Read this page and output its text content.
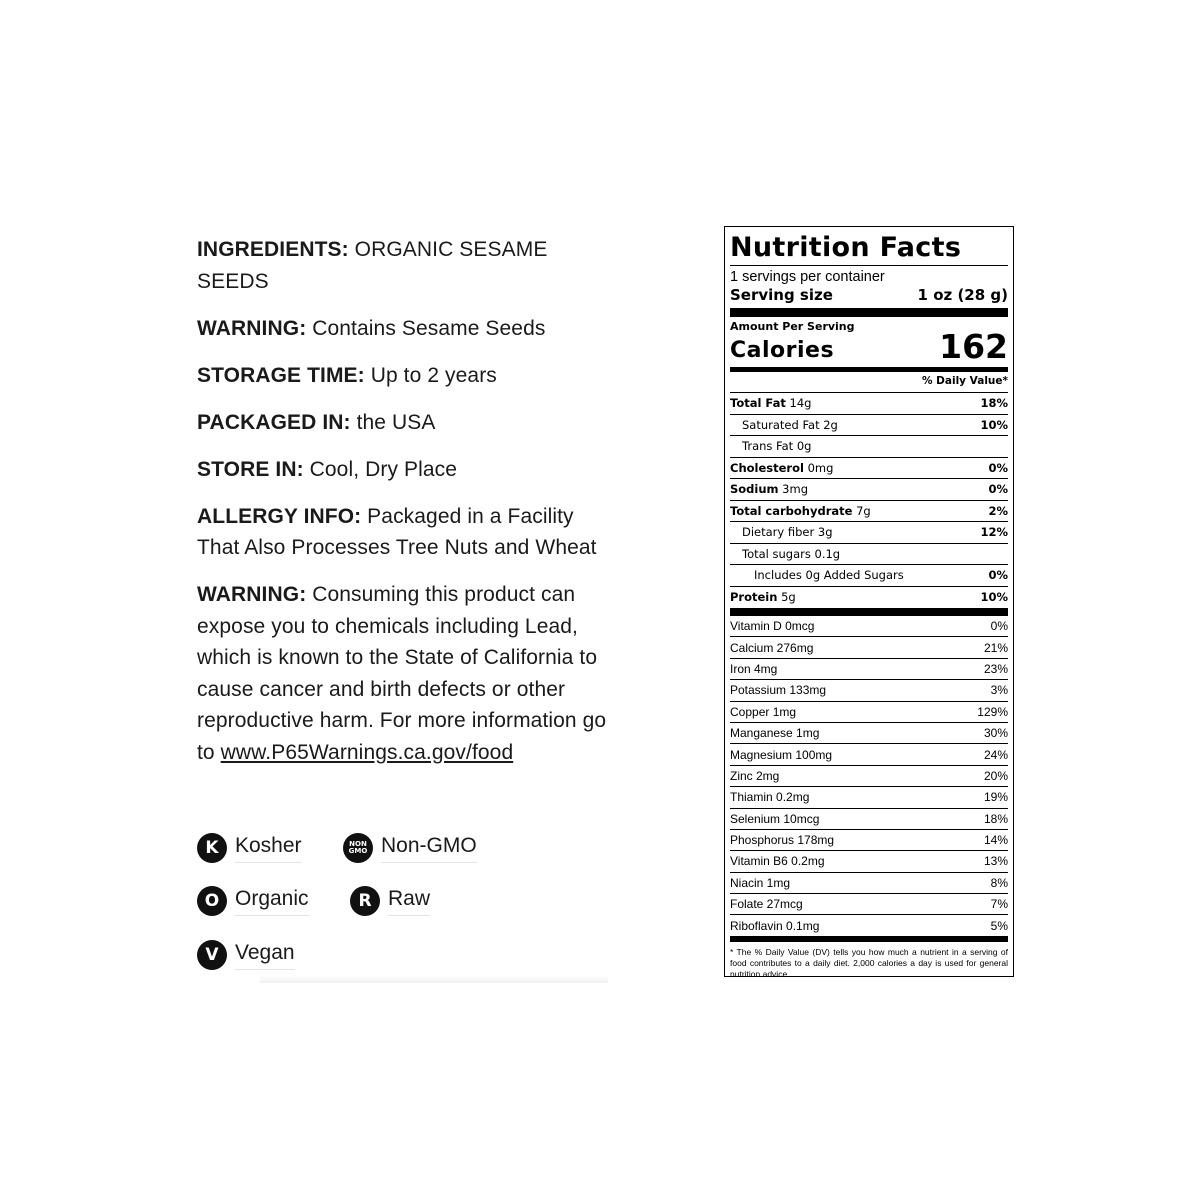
INGREDIENTS: ORGANIC SESAME SEEDS
WARNING: Contains Sesame Seeds
STORAGE TIME: Up to 2 years
PACKAGED IN: the USA
STORE IN: Cool, Dry Place
ALLERGY INFO: Packaged in a Facility That Also Processes Tree Nuts and Wheat
WARNING: Consuming this product can expose you to chemicals including Lead, which is known to the State of California to cause cancer and birth defects or other reproductive harm. For more information go to www.P65Warnings.ca.gov/food
K Kosher	NON
GMO Non-GMO
O Organic	R Raw
V Vegan
Nutrition Facts
1 servings per container
Serving size	1 oz (28 g)
Amount Per Serving
Calories	162
% Daily Value*
Total Fat 14g	18%
Saturated Fat 2g	10%
Trans Fat 0g
Cholesterol 0mg	0%
Sodium 3mg	0%
Total carbohydrate 7g	2%
Dietary fiber 3g	12%
Total sugars 0.1g
Includes 0g Added Sugars	0%
Protein 5g	10%
Vitamin D 0mcg	0%
Calcium 276mg	21%
Iron 4mg	23%
Potassium 133mg	3%
Copper 1mg	129%
Manganese 1mg	30%
Magnesium 100mg	24%
Zinc 2mg	20%
Thiamin 0.2mg	19%
Selenium 10mcg	18%
Phosphorus 178mg	14%
Vitamin B6 0.2mg	13%
Niacin 1mg	8%
Folate 27mcg	7%
Riboflavin 0.1mg	5%
* The % Daily Value (DV) tells you how much a nutrient in a serving of food contributes to a daily diet. 2,000 calories a day is used for general nutrition advice.
